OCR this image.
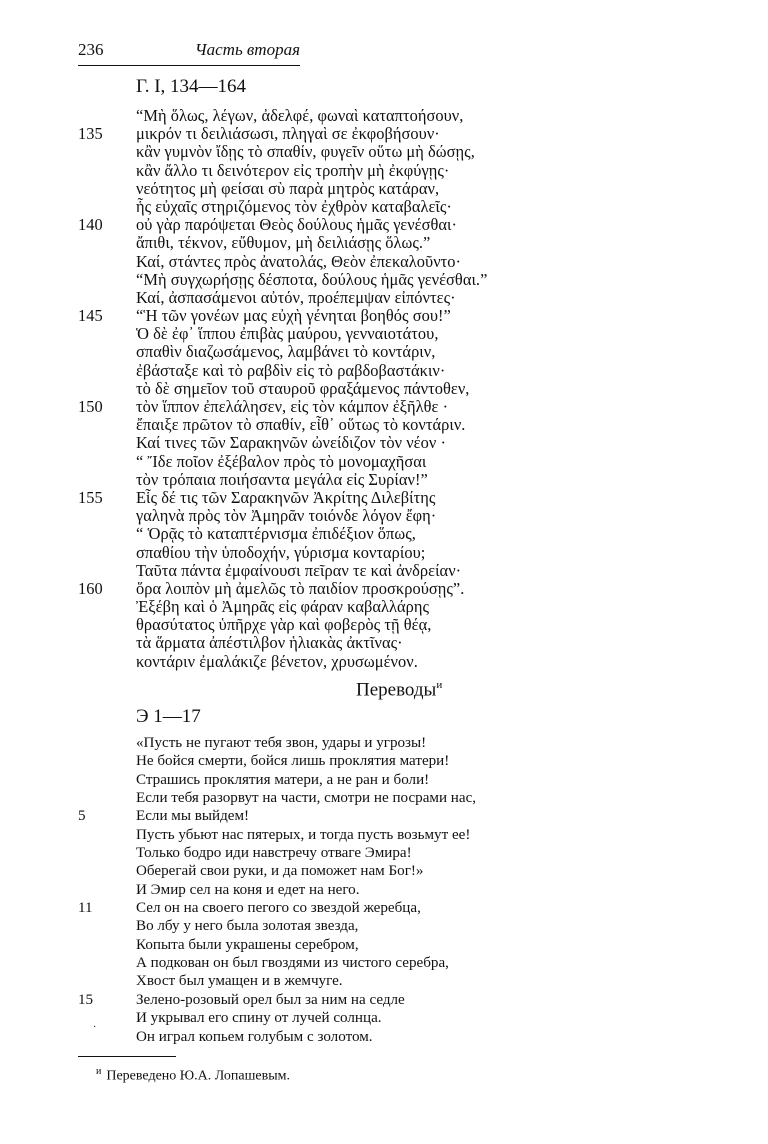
236	Часть вторая
Γ. I, 134—164
“Μὴ ὅλως, λέγων, ἀδελφέ, φωναὶ καταπτοήσουν,
135 μικρόν τι δειλιάσωσι, πληγαὶ σε ἐκφοβήσουν·
κἂν γυμνὸν ἴδῃς τὸ σπαθίν, φυγεῖν οὕτω μὴ δώσῃς,
κἂν ἄλλο τι δεινότερον εἰς τροπὴν μὴ ἐκφύγῃς·
νεότητος μὴ φείσαι σὺ παρὰ μητρὸς κατάραν,
ἧς εὐχαῖς στηριζόμενος τὸν ἐχθρὸν καταβαλεῖς·
140 οὐ γὰρ παρόψεται Θεὸς δούλους ἡμᾶς γενέσθαι·
ἄπιθι, τέκνον, εὔθυμον, μὴ δειλιάσῃς ὅλως.”
Καί, στάντες πρὸς ἀνατολάς, Θεὸν ἐπεκαλοῦντο·
“Μὴ συγχωρήσῃς δέσποτα, δούλους ἡμᾶς γενέσθαι.”
Καί, ἀσπασάμενοι αὐτόν, προέπεμψαν εἰπόντες·
145 “Ἡ τῶν γονέων μας εὐχὴ γένηται βοηθός σου!”
Ὁ δὲ ἐφ᾽ ἵππου ἐπιβὰς μαύρου, γενναιοτάτου,
σπαθὶν διαζωσάμενος, λαμβάνει τὸ κοντάριν,
ἐβάσταξε καὶ τὸ ραβδὶν εἰς τὸ ραβδοβαστάκιν·
τὸ δὲ σημεῖον τοῦ σταυροῦ φραξάμενος πάντοθεν,
150 τὸν ἵππον ἐπελάλησεν, εἰς τὸν κάμπον ἐξῆλθε ·
ἔπαιξε πρῶτον τὸ σπαθίν, εἶθ᾽ οὕτως τὸ κοντάριν.
Καί τινες τῶν Σαρακηνῶν ὠνείδιζον τὸν νέον ·
“ Ἴδε ποῖον ἐξέβαλον πρὸς τὸ μονομαχῆσαι
τὸν τρόπαια ποιήσαντα μεγάλα εἰς Συρίαν!”
155 Εἷς δέ τις τῶν Σαρακηνῶν Ἀκρίτης Διλεβίτης
γαληνὰ πρὸς τὸν Ἀμηρᾶν τοιόνδε λόγον ἔφη·
“ Ὁρᾷς τὸ καταπτέρνισμα ἐπιδέξιον ὅπως,
σπαθίου τὴν ὑποδοχήν, γύρισμα κονταρίου;
Ταῦτα πάντα ἐμφαίνουσι πεῖραν τε καὶ ἀνδρείαν·
160 ὅρα λοιπὸν μὴ ἀμελῶς τὸ παιδίον προσκρούσῃς”.
Ἐξέβη καὶ ὁ Ἀμηρᾶς εἰς φάραν καβαλλάρης
θρασύτατος ὑπῆρχε γὰρ καὶ φοβερὸς τῇ θέᾳ,
τὰ ἅρματα ἀπέστιλβον ἡλιακὰς ἀκτῖνας·
κοντάριν ἐμαλάκιζε βένετον, χρυσωμένον.
Переводы$^и$
Э 1—17
«Пусть не пугают тебя звон, удары и угрозы!
Не бойся смерти, бойся лишь проклятия матери!
Страшись проклятия матери, а не ран и боли!
Если тебя разорвут на части, смотри не посрами нас,
5	Если мы выйдем!
Пусть убьют нас пятерых, и тогда пусть возьмут ее!
Только бодро иди навстречу отваге Эмира!
Оберегай свои руки, и да поможет нам Бог!»
И Эмир сел на коня и едет на него.
11	Сел он на своего пегого со звездой жеребца,
Во лбу у него была золотая звезда,
Копыта были украшены серебром,
А подкован он был гвоздями из чистого серебра,
Хвост был умащен и в жемчуге.
15	Зелено-розовый орел был за ним на седле
И укрывал его спину от лучей солнца.
Он играл копьем голубым с золотом.
·
$^и$ Переведено Ю.А. Лопашевым.
